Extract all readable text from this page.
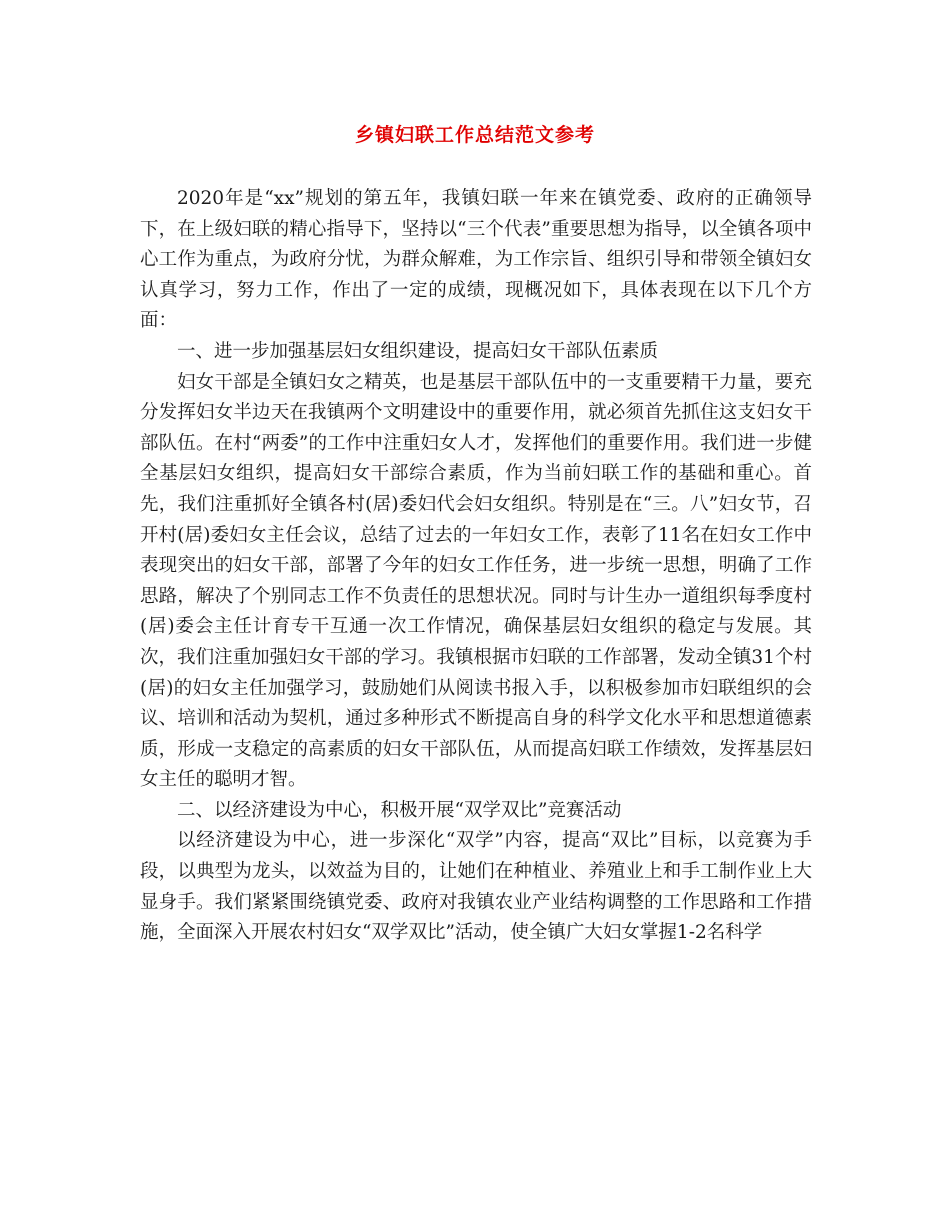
乡镇妇联工作总结范文参考

2020年是“xx”规划的第五年，我镇妇联一年来在镇党委、政府的正确领导下，在上级妇联的精心指导下，坚持以“三个代表”重要思想为指导，以全镇各项中心工作为重点，为政府分忧，为群众解难，为工作宗旨、组织引导和带领全镇妇女认真学习，努力工作，作出了一定的成绩，现概况如下，具体表现在以下几个方面：

一、进一步加强基层妇女组织建设，提高妇女干部队伍素质

妇女干部是全镇妇女之精英，也是基层干部队伍中的一支重要精干力量，要充分发挥妇女半边天在我镇两个文明建设中的重要作用，就必须首先抓住这支妇女干部队伍。在村“两委”的工作中注重妇女人才，发挥他们的重要作用。我们进一步健全基层妇女组织，提高妇女干部综合素质，作为当前妇联工作的基础和重心。首先，我们注重抓好全镇各村(居)委妇代会妇女组织。特别是在“三。八”妇女节，召开村(居)委妇女主任会议，总结了过去的一年妇女工作，表彰了11名在妇女工作中表现突出的妇女干部，部署了今年的妇女工作任务，进一步统一思想，明确了工作思路，解决了个别同志工作不负责任的思想状况。同时与计生办一道组织每季度村(居)委会主任计育专干互通一次工作情况，确保基层妇女组织的稳定与发展。其次，我们注重加强妇女干部的学习。我镇根据市妇联的工作部署，发动全镇31个村(居)的妇女主任加强学习，鼓励她们从阅读书报入手，以积极参加市妇联组织的会议、培训和活动为契机，通过多种形式不断提高自身的科学文化水平和思想道德素质，形成一支稳定的高素质的妇女干部队伍，从而提高妇联工作绩效，发挥基层妇女主任的聪明才智。

二、以经济建设为中心，积极开展“双学双比”竞赛活动

以经济建设为中心，进一步深化“双学”内容，提高“双比”目标，以竞赛为手段，以典型为龙头，以效益为目的，让她们在种植业、养殖业上和手工制作业上大显身手。我们紧紧围绕镇党委、政府对我镇农业产业结构调整的工作思路和工作措施，全面深入开展农村妇女“双学双比”活动，使全镇广大妇女掌握1-2名科学
